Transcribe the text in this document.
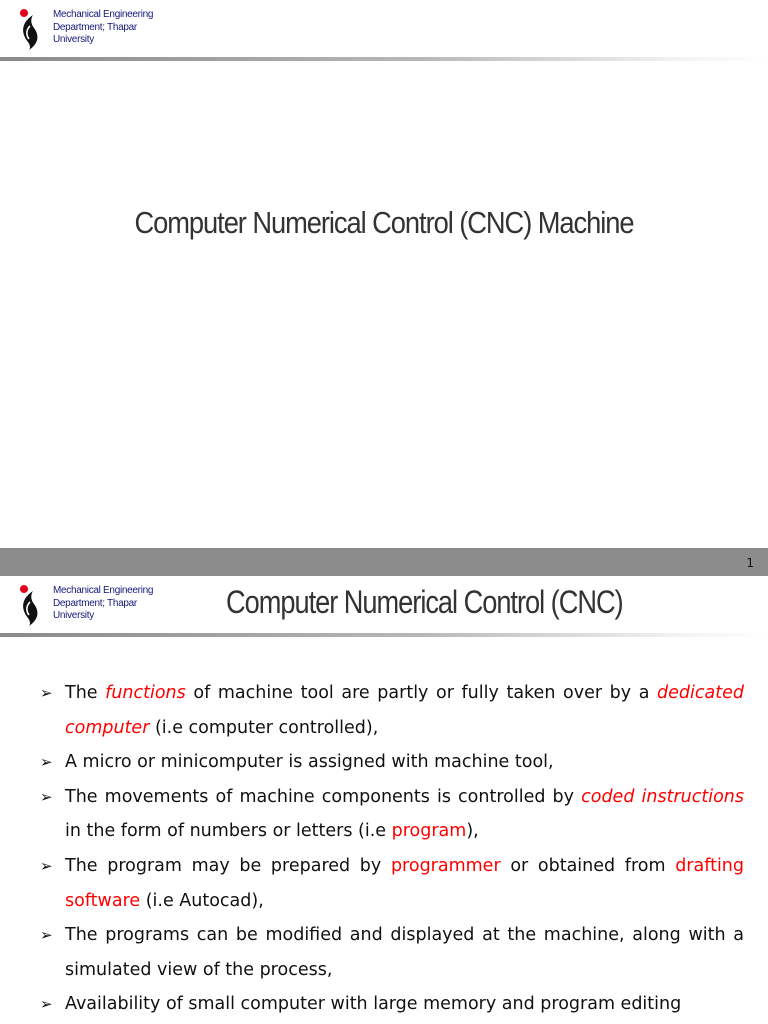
Mechanical Engineering
Department; Thapar
University
Computer Numerical Control (CNC) Machine
1
Mechanical Engineering
Department; Thapar
University	Computer Numerical Control (CNC)
➢ The functions of machine tool are partly or fully taken over by a dedicated computer (i.e computer controlled),
➢ A micro or minicomputer is assigned with machine tool,
➢ The movements of machine components is controlled by coded instructions in the form of numbers or letters (i.e program),
➢ The program may be prepared by programmer or obtained from drafting software (i.e Autocad),
➢ The programs can be modified and displayed at the machine, along with a simulated view of the process,
➢ Availability of small computer with large memory and program editing
